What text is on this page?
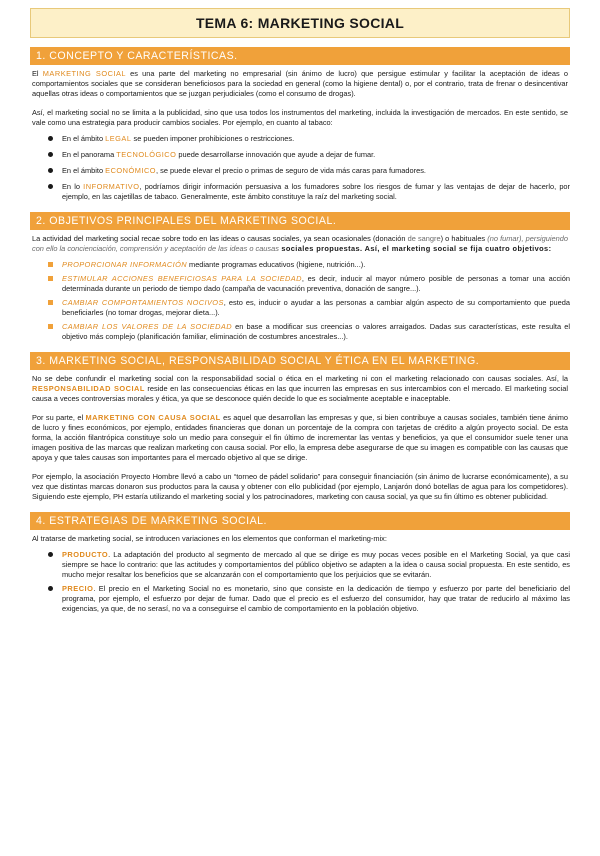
TEMA 6: MARKETING SOCIAL
1. CONCEPTO Y CARACTERÍSTICAS.
El MARKETING SOCIAL es una parte del marketing no empresarial (sin ánimo de lucro) que persigue estimular y facilitar la aceptación de ideas o comportamientos sociales que se consideran beneficiosos para la sociedad en general (como la higiene dental) o, por el contrario, trata de frenar o desincentivar aquellas otras ideas o comportamientos que se juzgan perjudiciales (como el consumo de drogas).
Así, el marketing social no se limita a la publicidad, sino que usa todos los instrumentos del marketing, incluida la investigación de mercados. En este sentido, se vale como una estrategia para producir cambios sociales. Por ejemplo, en cuanto al tabaco:
En el ámbito LEGAL se pueden imponer prohibiciones o restricciones.
En el panorama TECNOLÓGICO puede desarrollarse innovación que ayude a dejar de fumar.
En el ámbito ECONÓMICO, se puede elevar el precio o primas de seguro de vida más caras para fumadores.
En lo INFORMATIVO, podríamos dirigir información persuasiva a los fumadores sobre los riesgos de fumar y las ventajas de dejar de hacerlo, por ejemplo, en las cajetillas de tabaco. Generalmente, este ámbito constituye la raíz del marketing social.
2. OBJETIVOS PRINCIPALES DEL MARKETING SOCIAL.
La actividad del marketing social recae sobre todo en las ideas o causas sociales, ya sean ocasionales (donación de sangre) o habituales (no fumar), persiguiendo con ello la concienciación, comprensión y aceptación de las ideas o causas sociales propuestas. Así, el marketing social se fija cuatro objetivos:
PROPORCIONAR INFORMACIÓN mediante programas educativos (higiene, nutrición...).
ESTIMULAR ACCIONES BENEFICIOSAS PARA LA SOCIEDAD, es decir, inducir al mayor número posible de personas a tomar una acción determinada durante un periodo de tiempo dado (campaña de vacunación preventiva, donación de sangre...).
CAMBIAR COMPORTAMIENTOS NOCIVOS, esto es, inducir o ayudar a las personas a cambiar algún aspecto de su comportamiento que pueda beneficiarles (no tomar drogas, mejorar dieta...).
CAMBIAR LOS VALORES DE LA SOCIEDAD en base a modificar sus creencias o valores arraigados. Dadas sus características, este resulta el objetivo más complejo (planificación familiar, eliminación de costumbres ancestrales...).
3. MARKETING SOCIAL, RESPONSABILIDAD SOCIAL Y ÉTICA EN EL MARKETING.
No se debe confundir el marketing social con la responsabilidad social o ética en el marketing ni con el marketing relacionado con causas sociales. Así, la RESPONSABILIDAD SOCIAL reside en las consecuencias éticas en las que incurren las empresas en sus intercambios con el mercado. El marketing social causa a veces controversias morales y ética, ya que se desconoce quién decide lo que es socialmente aceptable e inaceptable.
Por su parte, el MARKETING CON CAUSA SOCIAL es aquel que desarrollan las empresas y que, si bien contribuye a causas sociales, también tiene ánimo de lucro y fines económicos, por ejemplo, entidades financieras que donan un porcentaje de la compra con tarjetas de crédito a algún proyecto social. De esta forma, la acción filantrópica constituye solo un medio para conseguir el fin último de incrementar las ventas y beneficios, ya que el consumidor suele tener una imagen positiva de las marcas que realizan marketing con causa social. Por ello, la empresa debe asegurarse de que su imagen es compatible con las causas que apoya y que tales causas son importantes para el mercado objetivo al que se dirige.
Por ejemplo, la asociación Proyecto Hombre llevó a cabo un “torneo de pádel solidario” para conseguir financiación (sin ánimo de lucrarse económicamente), a su vez que distintas marcas donaron sus productos para la causa y obtener con ello publicidad (por ejemplo, Lanjarón donó botellas de agua para los competidores). Siguiendo este ejemplo, PH estaría utilizando el marketing social y los patrocinadores, marketing con causa social, ya que su fin último es obtener publicidad.
4. ESTRATEGIAS DE MARKETING SOCIAL.
Al tratarse de marketing social, se introducen variaciones en los elementos que conforman el marketing-mix:
PRODUCTO. La adaptación del producto al segmento de mercado al que se dirige es muy pocas veces posible en el Marketing Social, ya que casi siempre se hace lo contrario: que las actitudes y comportamientos del público objetivo se adapten a la idea o causa social propuesta. En este sentido, es mucho mejor resaltar los beneficios que se alcanzarán con el comportamiento que los perjuicios que se evitarán.
PRECIO. El precio en el Marketing Social no es monetario, sino que consiste en la dedicación de tiempo y esfuerzo por parte del beneficiario del programa, por ejemplo, el esfuerzo por dejar de fumar. Dado que el precio es el esfuerzo del consumidor, hay que tratar de reducirlo al máximo las exigencias, ya que, de no serasí, no va a conseguirse el cambio de comportamiento en la población objetivo.
